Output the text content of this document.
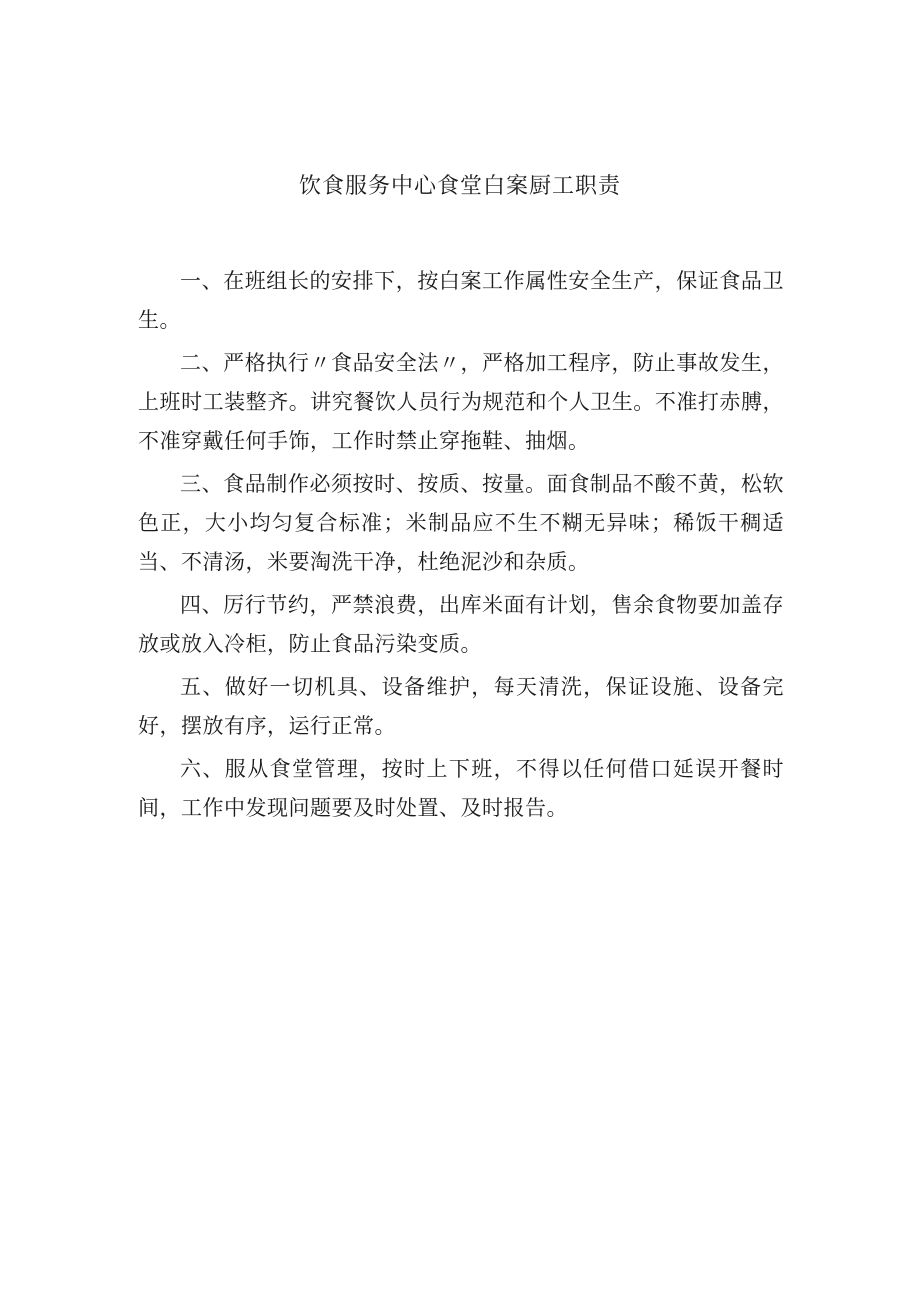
饮食服务中心食堂白案厨工职责

一、在班组长的安排下，按白案工作属性安全生产，保证食品卫生。

二、严格执行〃食品安全法〃，严格加工程序，防止事故发生，上班时工装整齐。讲究餐饮人员行为规范和个人卫生。不准打赤膊，不准穿戴任何手饰，工作时禁止穿拖鞋、抽烟。

三、食品制作必须按时、按质、按量。面食制品不酸不黄，松软色正，大小均匀复合标准；米制品应不生不糊无异味；稀饭干稠适当、不清汤，米要淘洗干净，杜绝泥沙和杂质。

四、厉行节约，严禁浪费，出库米面有计划，售余食物要加盖存放或放入冷柜，防止食品污染变质。

五、做好一切机具、设备维护，每天清洗，保证设施、设备完好，摆放有序，运行正常。

六、服从食堂管理，按时上下班，不得以任何借口延误开餐时间，工作中发现问题要及时处置、及时报告。
